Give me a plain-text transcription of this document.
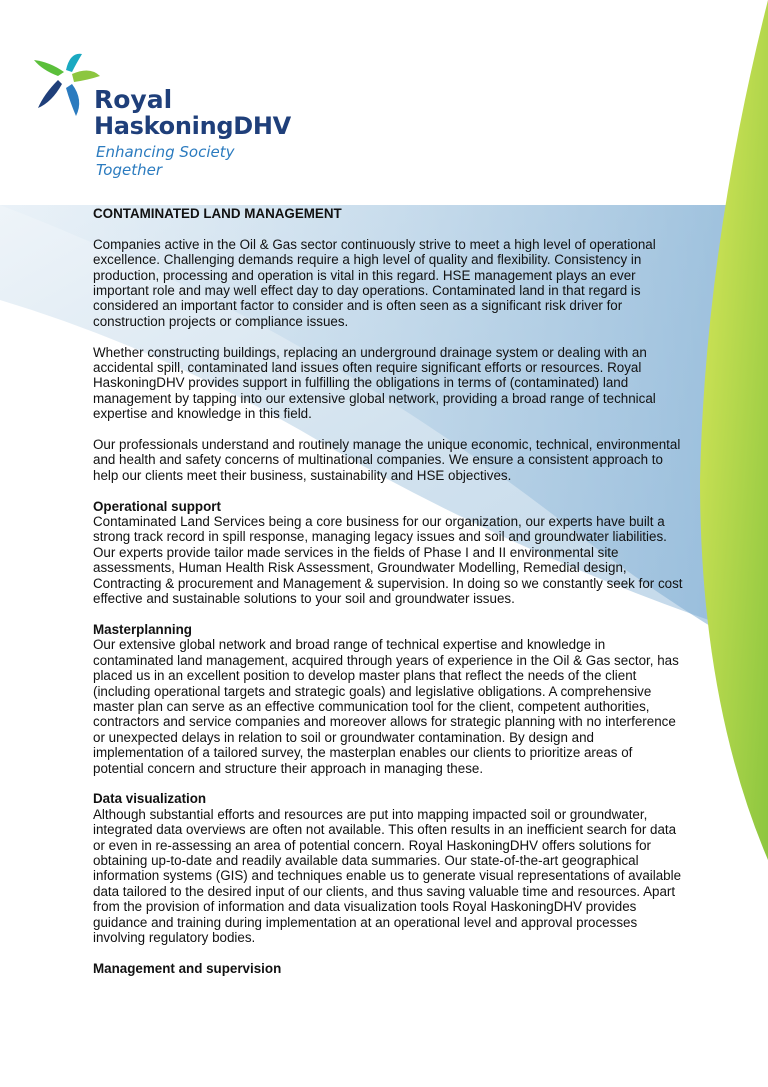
Royal
HaskoningDHV
Enhancing Society Together
CONTAMINATED LAND MANAGEMENT

Companies active in the Oil & Gas sector continuously strive to meet a high level of operational excellence. Challenging demands require a high level of quality and flexibility. Consistency in production, processing and operation is vital in this regard. HSE management plays an ever important role and may well effect day to day operations. Contaminated land in that regard is considered an important factor to consider and is often seen as a significant risk driver for construction projects or compliance issues.

Whether constructing buildings, replacing an underground drainage system or dealing with an accidental spill, contaminated land issues often require significant efforts or resources. Royal HaskoningDHV provides support in fulfilling the obligations in terms of (contaminated) land management by tapping into our extensive global network, providing a broad range of technical expertise and knowledge in this field.

Our professionals understand and routinely manage the unique economic, technical, environmental and health and safety concerns of multinational companies. We ensure a consistent approach to help our clients meet their business, sustainability and HSE objectives.

Operational support
Contaminated Land Services being a core business for our organization, our experts have built a strong track record in spill response, managing legacy issues and soil and groundwater liabilities. Our experts provide tailor made services in the fields of Phase I and II environmental site assessments, Human Health Risk Assessment, Groundwater Modelling, Remedial design, Contracting & procurement and Management & supervision. In doing so we constantly seek for cost effective and sustainable solutions to your soil and groundwater issues.
Masterplanning
Our extensive global network and broad range of technical expertise and knowledge in contaminated land management, acquired through years of experience in the Oil & Gas sector, has placed us in an excellent position to develop master plans that reflect the needs of the client (including operational targets and strategic goals) and legislative obligations. A comprehensive master plan can serve as an effective communication tool for the client, competent authorities, contractors and service companies and moreover allows for strategic planning with no interference or unexpected delays in relation to soil or groundwater contamination. By design and implementation of a tailored survey, the masterplan enables our clients to prioritize areas of potential concern and structure their approach in managing these.
Data visualization
Although substantial efforts and resources are put into mapping impacted soil or groundwater, integrated data overviews are often not available. This often results in an inefficient search for data or even in re-assessing an area of potential concern. Royal HaskoningDHV offers solutions for obtaining up-to-date and readily available data summaries. Our state-of-the-art geographical information systems (GIS) and techniques enable us to generate visual representations of available data tailored to the desired input of our clients, and thus saving valuable time and resources. Apart from the provision of information and data visualization tools Royal HaskoningDHV provides guidance and training during implementation at an operational level and approval processes involving regulatory bodies.
Management and supervision
